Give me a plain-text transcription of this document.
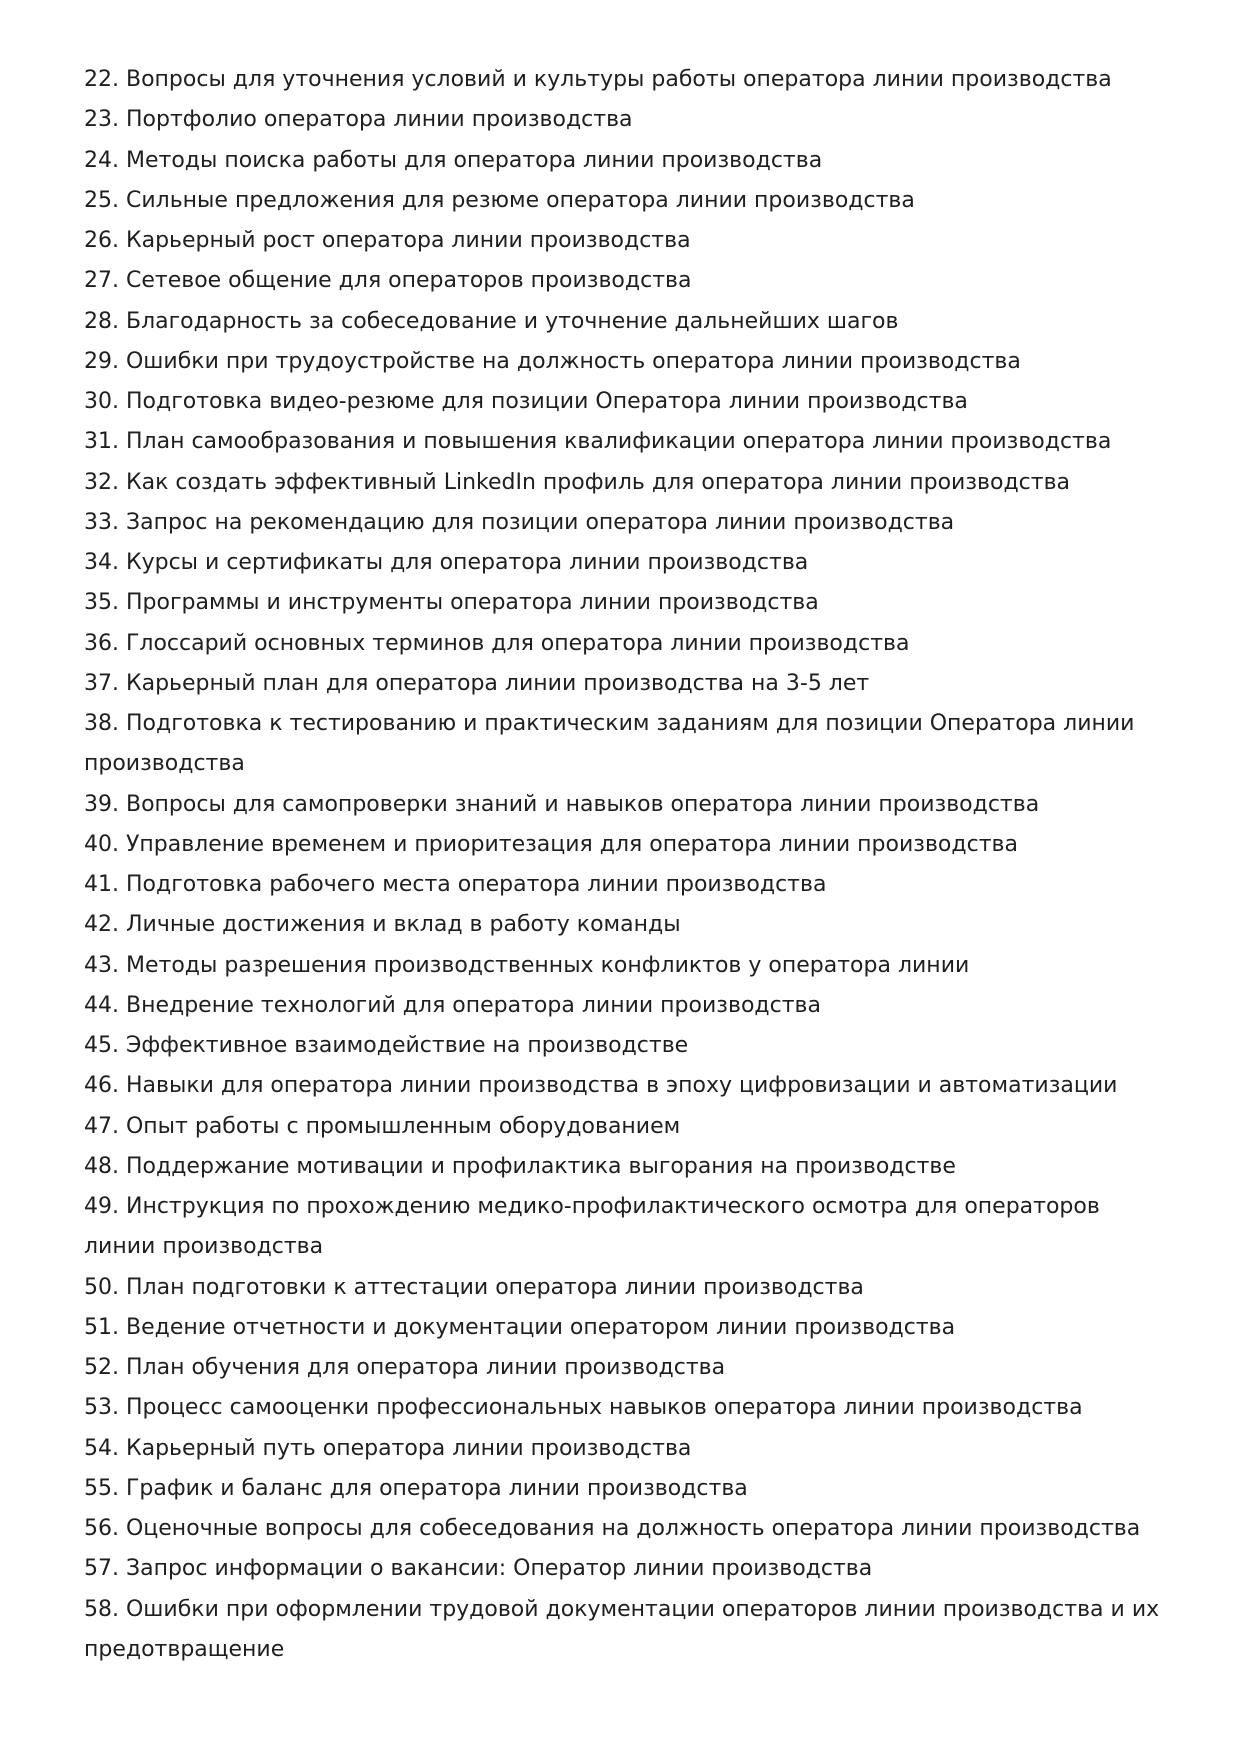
22. Вопросы для уточнения условий и культуры работы оператора линии производства
23. Портфолио оператора линии производства
24. Методы поиска работы для оператора линии производства
25. Сильные предложения для резюме оператора линии производства
26. Карьерный рост оператора линии производства
27. Сетевое общение для операторов производства
28. Благодарность за собеседование и уточнение дальнейших шагов
29. Ошибки при трудоустройстве на должность оператора линии производства
30. Подготовка видео-резюме для позиции Оператора линии производства
31. План самообразования и повышения квалификации оператора линии производства
32. Как создать эффективный LinkedIn профиль для оператора линии производства
33. Запрос на рекомендацию для позиции оператора линии производства
34. Курсы и сертификаты для оператора линии производства
35. Программы и инструменты оператора линии производства
36. Глоссарий основных терминов для оператора линии производства
37. Карьерный план для оператора линии производства на 3-5 лет
38. Подготовка к тестированию и практическим заданиям для позиции Оператора линии производства
39. Вопросы для самопроверки знаний и навыков оператора линии производства
40. Управление временем и приоритезация для оператора линии производства
41. Подготовка рабочего места оператора линии производства
42. Личные достижения и вклад в работу команды
43. Методы разрешения производственных конфликтов у оператора линии
44. Внедрение технологий для оператора линии производства
45. Эффективное взаимодействие на производстве
46. Навыки для оператора линии производства в эпоху цифровизации и автоматизации
47. Опыт работы с промышленным оборудованием
48. Поддержание мотивации и профилактика выгорания на производстве
49. Инструкция по прохождению медико-профилактического осмотра для операторов линии производства
50. План подготовки к аттестации оператора линии производства
51. Ведение отчетности и документации оператором линии производства
52. План обучения для оператора линии производства
53. Процесс самооценки профессиональных навыков оператора линии производства
54. Карьерный путь оператора линии производства
55. График и баланс для оператора линии производства
56. Оценочные вопросы для собеседования на должность оператора линии производства
57. Запрос информации о вакансии: Оператор линии производства
58. Ошибки при оформлении трудовой документации операторов линии производства и их предотвращение
